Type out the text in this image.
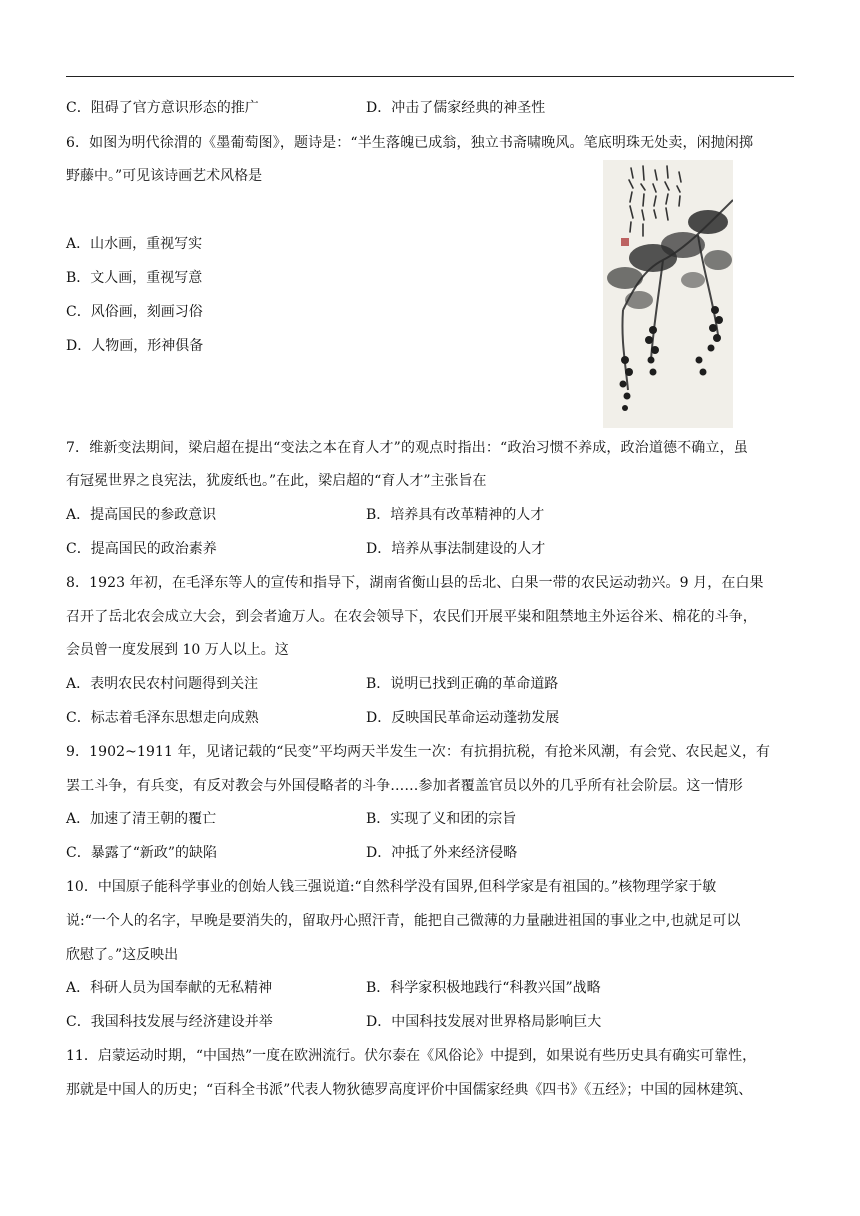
C．阻碍了官方意识形态的推广	D．冲击了儒家经典的神圣性
6．如图为明代徐渭的《墨葡萄图》，题诗是：“半生落魄已成翁，独立书斋啸晚风。笔底明珠无处卖，闲抛闲掷
野藤中。”可见该诗画艺术风格是
A．山水画，重视写实
B．文人画，重视写意
C．风俗画，刻画习俗
D．人物画，形神俱备
7．维新变法期间，梁启超在提出“变法之本在育人才”的观点时指出：“政治习惯不养成，政治道德不确立，虽
有冠冕世界之良宪法，犹废纸也。”在此，梁启超的“育人才”主张旨在
A．提高国民的参政意识	B．培养具有改革精神的人才
C．提高国民的政治素养	D．培养从事法制建设的人才
8．1923 年初，在毛泽东等人的宣传和指导下，湖南省衡山县的岳北、白果一带的农民运动勃兴。9 月，在白果
召开了岳北农会成立大会，到会者逾万人。在农会领导下，农民们开展平粜和阻禁地主外运谷米、棉花的斗争，
会员曾一度发展到 10 万人以上。这
A．表明农民农村问题得到关注	B．说明已找到正确的革命道路
C．标志着毛泽东思想走向成熟	D．反映国民革命运动蓬勃发展
9．1902~1911 年，见诸记载的“民变”平均两天半发生一次：有抗捐抗税，有抢米风潮，有会党、农民起义，有
罢工斗争，有兵变，有反对教会与外国侵略者的斗争……参加者覆盖官员以外的几乎所有社会阶层。这一情形
A．加速了清王朝的覆亡	B．实现了义和团的宗旨
C．暴露了“新政”的缺陷	D．冲抵了外来经济侵略
10．中国原子能科学事业的创始人钱三强说道:“自然科学没有国界,但科学家是有祖国的。”核物理学家于敏
说:“一个人的名字，早晚是要消失的，留取丹心照汗青，能把自己微薄的力量融进祖国的事业之中,也就足可以
欣慰了。”这反映出
A．科研人员为国奉献的无私精神	B．科学家积极地践行“科教兴国”战略
C．我国科技发展与经济建设并举	D．中国科技发展对世界格局影响巨大
11．启蒙运动时期，“中国热”一度在欧洲流行。伏尔泰在《风俗论》中提到，如果说有些历史具有确实可靠性，
那就是中国人的历史；“百科全书派”代表人物狄德罗高度评价中国儒家经典《四书》《五经》；中国的园林建筑、
